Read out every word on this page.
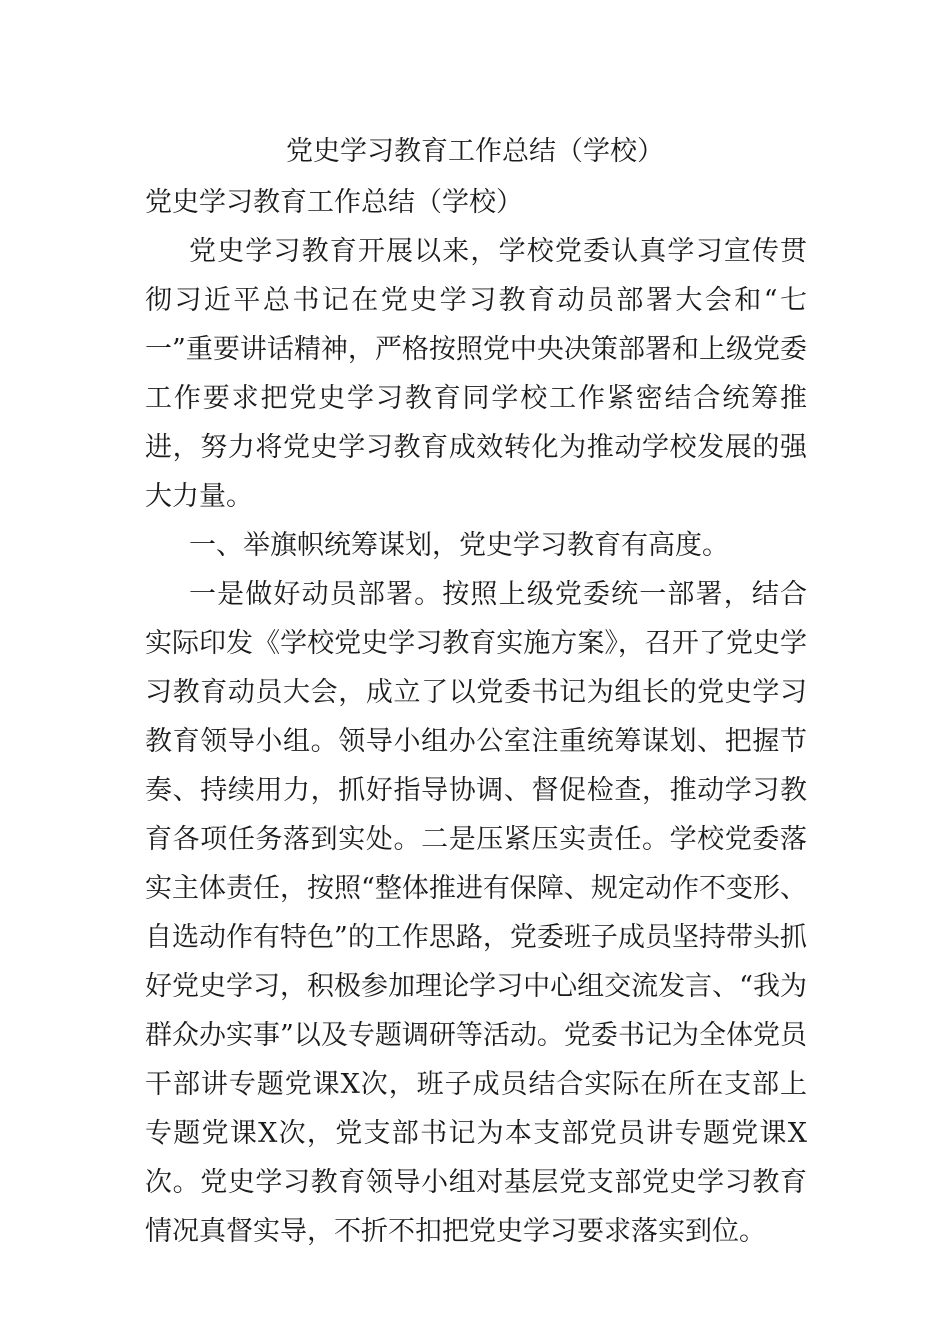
党史学习教育工作总结（学校）

党史学习教育工作总结（学校）

党史学习教育开展以来，学校党委认真学习宣传贯彻习近平总书记在党史学习教育动员部署大会和“七一”重要讲话精神，严格按照党中央决策部署和上级党委工作要求把党史学习教育同学校工作紧密结合统筹推进，努力将党史学习教育成效转化为推动学校发展的强大力量。

一、举旗帜统筹谋划，党史学习教育有高度。

一是做好动员部署。按照上级党委统一部署，结合实际印发《学校党史学习教育实施方案》，召开了党史学习教育动员大会，成立了以党委书记为组长的党史学习教育领导小组。领导小组办公室注重统筹谋划、把握节奏、持续用力，抓好指导协调、督促检查，推动学习教育各项任务落到实处。二是压紧压实责任。学校党委落实主体责任，按照“整体推进有保障、规定动作不变形、自选动作有特色”的工作思路，党委班子成员坚持带头抓好党史学习，积极参加理论学习中心组交流发言、“我为群众办实事”以及专题调研等活动。党委书记为全体党员干部讲专题党课X次，班子成员结合实际在所在支部上专题党课X次，党支部书记为本支部党员讲专题党课X次。党史学习教育领导小组对基层党支部党史学习教育情况真督实导，不折不扣把党史学习要求落实到位。
